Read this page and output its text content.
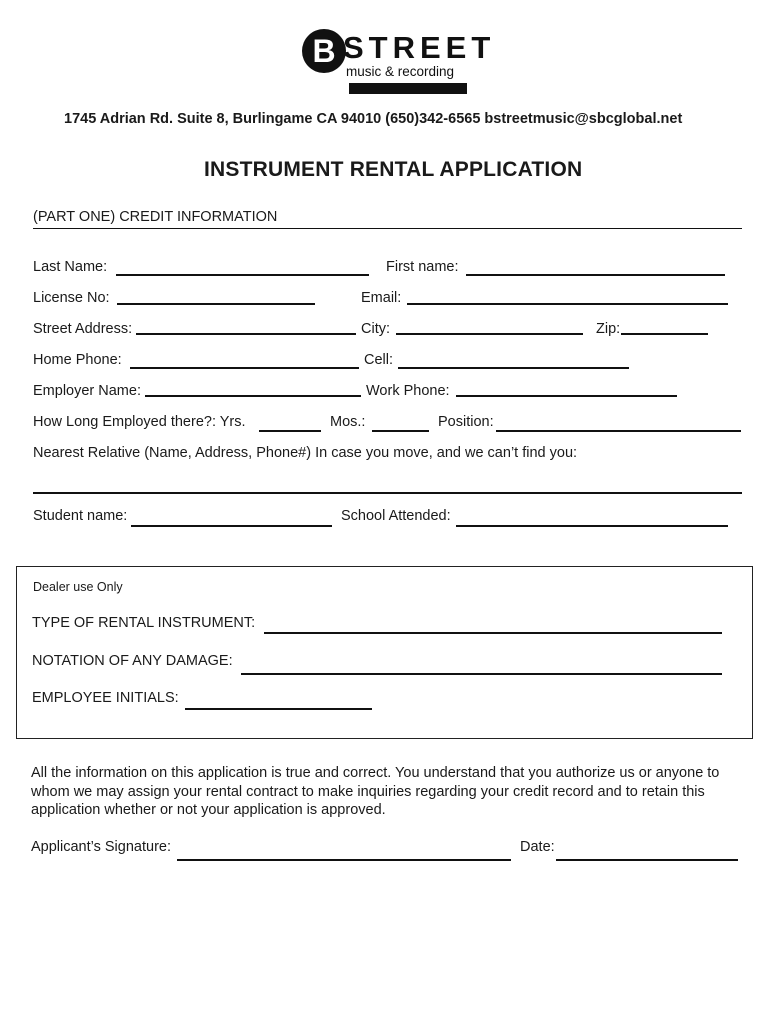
B STREET
music & recording
1745 Adrian Rd. Suite 8, Burlingame CA 94010 (650)342-6565 bstreetmusic@sbcglobal.net
INSTRUMENT RENTAL APPLICATION
(PART ONE) CREDIT INFORMATION
Last Name:	First name:
License No:	Email:
Street Address:	City:	Zip:
Home Phone:	Cell:
Employer Name:	Work Phone:
How Long Employed there?: Yrs.	Mos.:	Position:
Nearest Relative (Name, Address, Phone#) In case you move, and we can’t find you:
Student name:	School Attended:
Dealer use Only
TYPE OF RENTAL INSTRUMENT:
NOTATION OF ANY DAMAGE:
EMPLOYEE INITIALS:
All the information on this application is true and correct. You understand that you authorize us or anyone to whom we may assign your rental contract to make inquiries regarding your credit record and to retain this application whether or not your application is approved.
Applicant’s Signature:	Date:
